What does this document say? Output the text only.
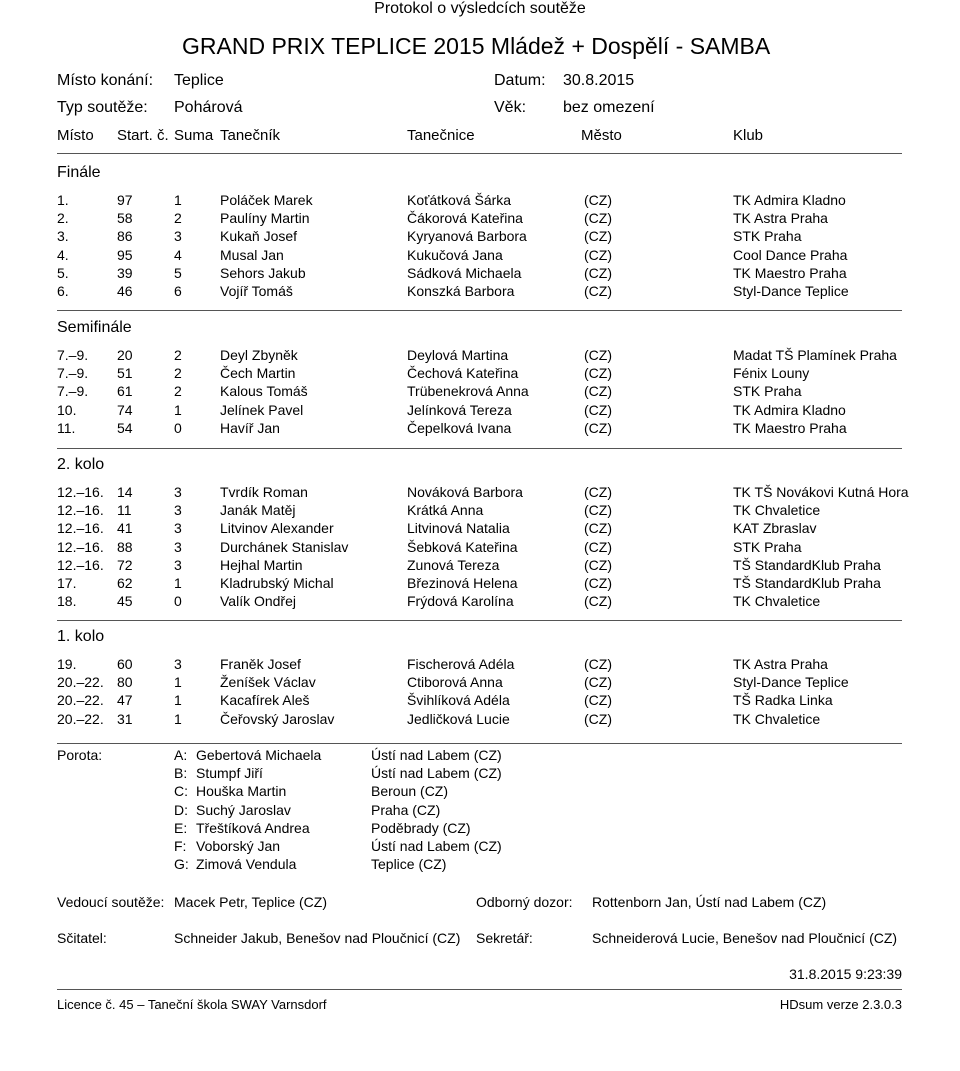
Protokol o výsledcích soutěže
GRAND PRIX TEPLICE 2015 Mládež + Dospělí - SAMBA
Místo konání: Teplice	Datum: 30.8.2015
Typ soutěže: Pohárová	Věk: bez omezení
Místo Start. č. Suma Tanečník	Tanečnice	Město	Klub
Finále
Semifinále
2. kolo
1. kolo
1.	97	1	Poláček Marek	Koťátková Šárka	(CZ)	TK Admira Kladno
2.	58	2	Paulíny Martin	Čákorová Kateřina	(CZ)	TK Astra Praha
3.	86	3	Kukaň Josef	Kyryanová Barbora	(CZ)	STK Praha
4.	95	4	Musal Jan	Kukučová Jana	(CZ)	Cool Dance Praha
5.	39	5	Sehors Jakub	Sádková Michaela	(CZ)	TK Maestro Praha
6.	46	6	Vojíř Tomáš	Konszká Barbora	(CZ)	Styl-Dance Teplice
7.–9. 20	2	Deyl Zbyněk	Deylová Martina	(CZ)	Madat TŠ Plamínek Praha
7.–9. 51	2	Čech Martin	Čechová Kateřina	(CZ)	Fénix Louny
7.–9. 61	2	Kalous Tomáš	Trübenekrová Anna	(CZ)	STK Praha
10.	74	1	Jelínek Pavel	Jelínková Tereza	(CZ)	TK Admira Kladno
11.	54	0	Havíř Jan	Čepelková Ivana	(CZ)	TK Maestro Praha
12.–16. 14	3	Tvrdík Roman	Nováková Barbora	(CZ)	TK TŠ Novákovi Kutná Hora
12.–16. 11	3	Janák Matěj	Krátká Anna	(CZ)	TK Chvaletice
12.–16. 41	3	Litvinov Alexander	Litvinová Natalia	(CZ)	KAT Zbraslav
12.–16. 88	3	Durchánek Stanislav	Šebková Kateřina	(CZ)	STK Praha
12.–16. 72	3	Hejhal Martin	Zunová Tereza	(CZ)	TŠ StandardKlub Praha
17.	62	1	Kladrubský Michal	Březinová Helena	(CZ)	TŠ StandardKlub Praha
18.	45	0	Valík Ondřej	Frýdová Karolína	(CZ)	TK Chvaletice
19.	60	3	Franěk Josef	Fischerová Adéla	(CZ)	TK Astra Praha
20.–22. 80	1	Ženíšek Václav	Ctiborová Anna	(CZ)	Styl-Dance Teplice
20.–22. 47	1	Kacafírek Aleš	Švihlíková Adéla	(CZ)	TŠ Radka Linka
20.–22. 31	1	Čeřovský Jaroslav	Jedličková Lucie	(CZ)	TK Chvaletice
Porota:	A: Gebertová Michaela	Ústí nad Labem (CZ)
B: Stumpf Jiří	Ústí nad Labem (CZ)
C: Houška Martin	Beroun (CZ)
D: Suchý Jaroslav	Praha (CZ)
E: Třeštíková Andrea	Poděbrady (CZ)
F: Voborský Jan	Ústí nad Labem (CZ)
G: Zimová Vendula	Teplice (CZ)
Vedoucí soutěže: Macek Petr, Teplice (CZ)	Odborný dozor: Rottenborn Jan, Ústí nad Labem (CZ)
Sčitatel:	Schneider Jakub, Benešov nad Ploučnicí (CZ) Sekretář:	Schneiderová Lucie, Benešov nad Ploučnicí (CZ)
31.8.2015 9:23:39
Licence č. 45 – Taneční škola SWAY Varnsdorf	HDsum verze 2.3.0.3
